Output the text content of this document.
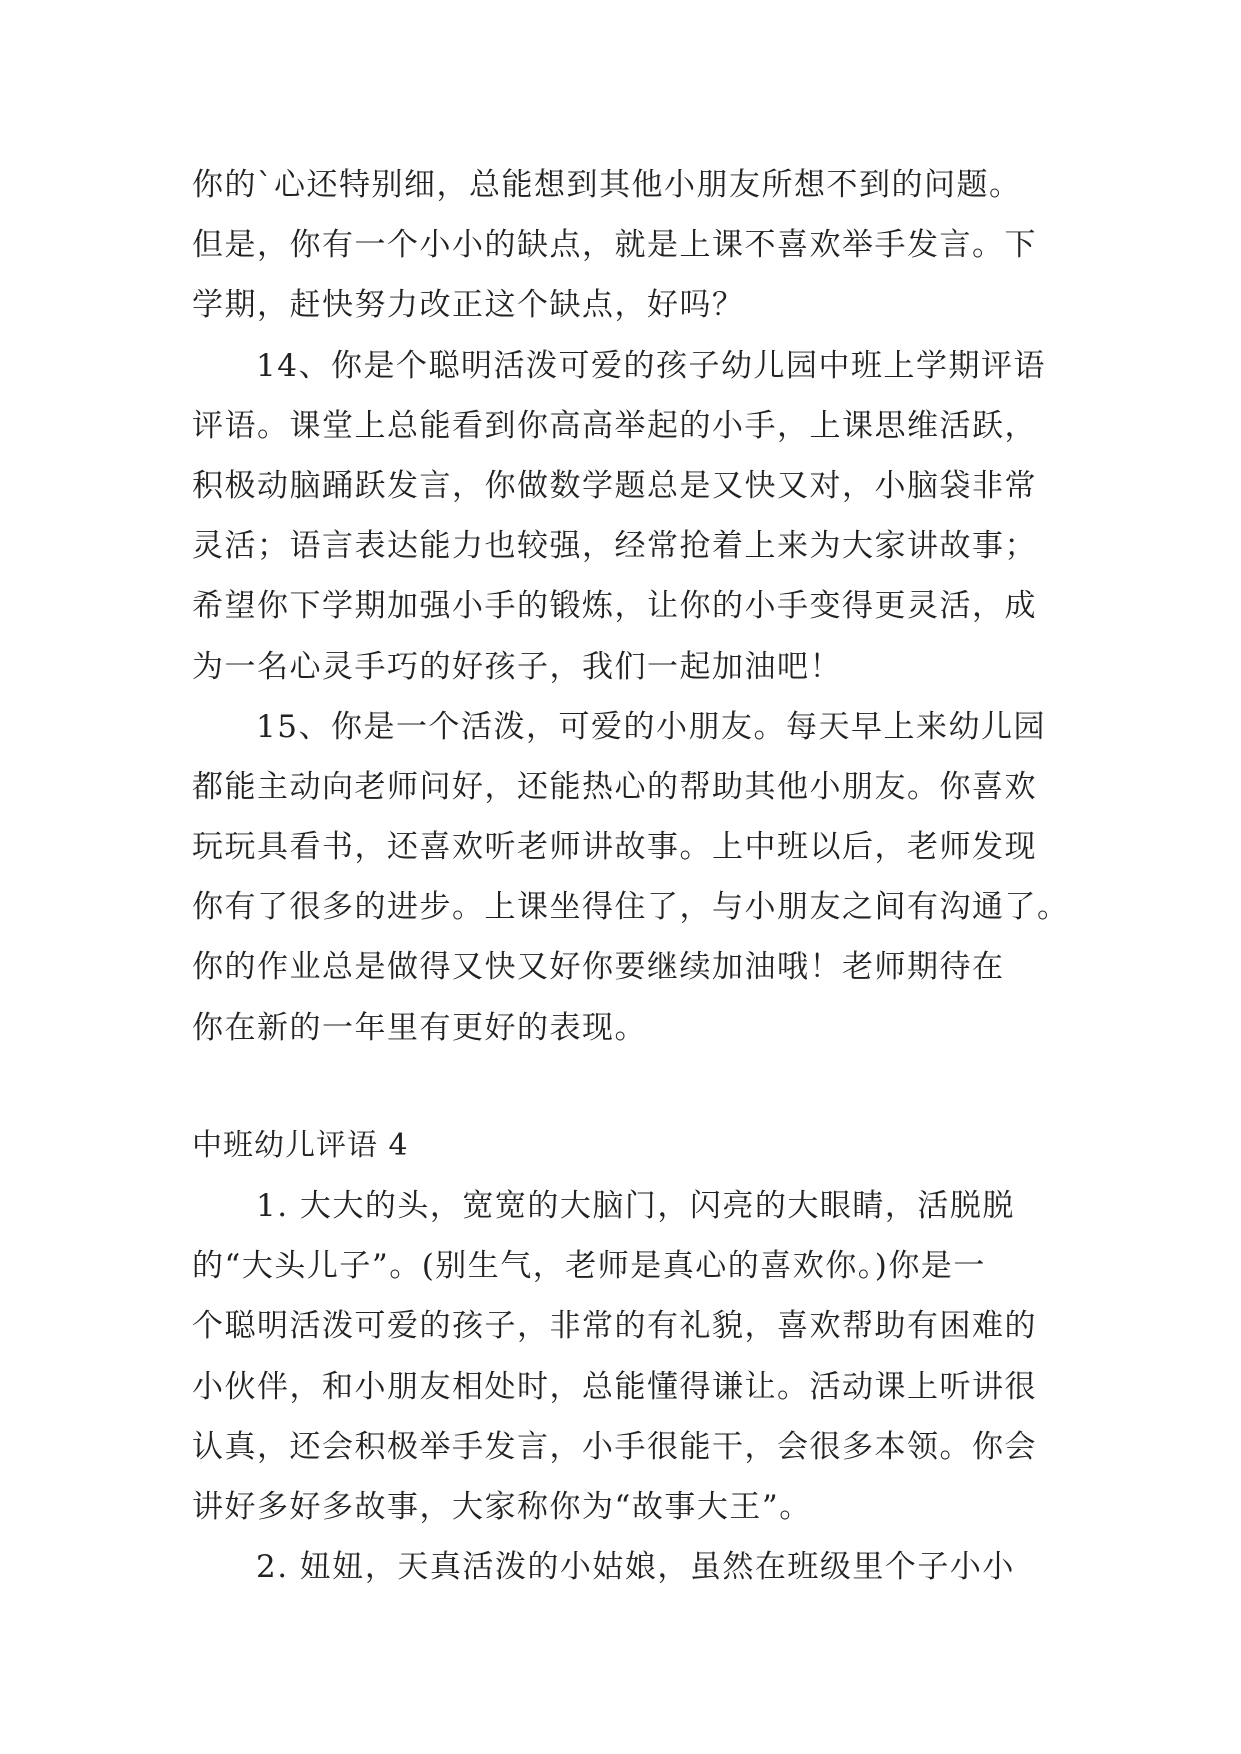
你的`心还特别细，总能想到其他小朋友所想不到的问题。
但是，你有一个小小的缺点，就是上课不喜欢举手发言。下
学期，赶快努力改正这个缺点，好吗？
14、你是个聪明活泼可爱的孩子幼儿园中班上学期评语
评语。课堂上总能看到你高高举起的小手，上课思维活跃，
积极动脑踊跃发言，你做数学题总是又快又对，小脑袋非常
灵活；语言表达能力也较强，经常抢着上来为大家讲故事；
希望你下学期加强小手的锻炼，让你的小手变得更灵活，成
为一名心灵手巧的好孩子，我们一起加油吧！
15、你是一个活泼，可爱的小朋友。每天早上来幼儿园
都能主动向老师问好，还能热心的帮助其他小朋友。你喜欢
玩玩具看书，还喜欢听老师讲故事。上中班以后，老师发现
你有了很多的进步。上课坐得住了，与小朋友之间有沟通了。
你的作业总是做得又快又好你要继续加油哦！老师期待在
你在新的一年里有更好的表现。
中班幼儿评语 4
1. 大大的头，宽宽的大脑门，闪亮的大眼睛，活脱脱
的“大头儿子”。(别生气，老师是真心的喜欢你。)你是一
个聪明活泼可爱的孩子，非常的有礼貌，喜欢帮助有困难的
小伙伴，和小朋友相处时，总能懂得谦让。活动课上听讲很
认真，还会积极举手发言，小手很能干，会很多本领。你会
讲好多好多故事，大家称你为“故事大王”。
2. 妞妞，天真活泼的小姑娘，虽然在班级里个子小小
